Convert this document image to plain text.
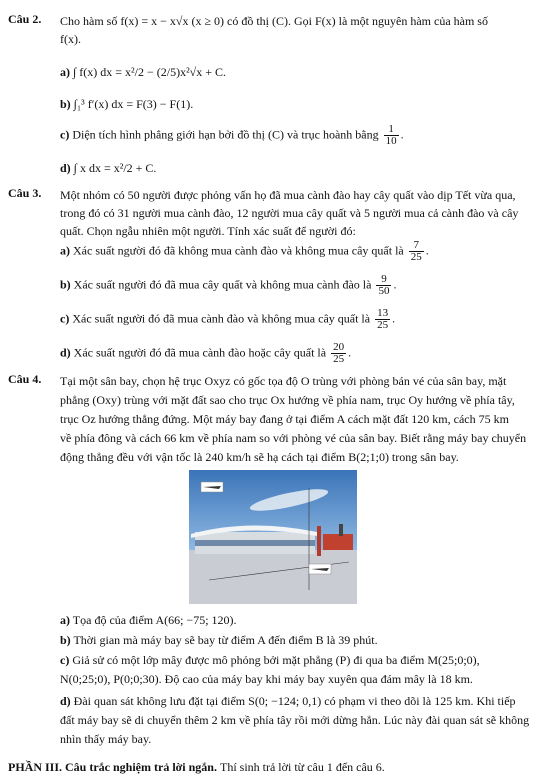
Câu 2. Cho hàm số f(x) = x − x√x (x ≥ 0) có đồ thị (C). Gọi F(x) là một nguyên hàm của hàm số
f(x).
a) ∫ f(x) dx = x²/2 − (2/5)x²√x + C.
b) ∫₁³ f′(x) dx = F(3) − F(1).
c) Diện tích hình phẳng giới hạn bởi đồ thị (C) và trục hoành bằng $\frac{1}{10}$ .
d) ∫ x dx = x²/2 + C.
Câu 3. Một nhóm có 50 người được phỏng vấn họ đã mua cành đào hay cây quất vào dịp Tết vừa qua,
trong đó có 31 người mua cành đào, 12 người mua cây quất và 5 người mua cả cành đào và cây
quất. Chọn ngẫu nhiên một người. Tính xác suất để người đó:
a) Xác suất người đó đã không mua cành đào và không mua cây quất là $\frac{7}{25}$ .
b) Xác suất người đó đã mua cây quất và không mua cành đào là $\frac{9}{50}$ .
c) Xác suất người đó đã mua cành đào và không mua cây quất là $\frac{13}{25}$ .
d) Xác suất người đó đã mua cành đào hoặc cây quất là $\frac{20}{25}$ .
Câu 4. Tại một sân bay, chọn hệ trục Oxyz có gốc tọa độ O trùng với phòng bán vé của sân bay, mặt
phẳng (Oxy) trùng với mặt đất sao cho trục Ox hướng về phía nam, trục Oy hướng về phía tây,
trục Oz hướng thẳng đứng. Một máy bay đang ở tại điểm A cách mặt đất 120 km, cách 75 km
về phía đông và cách 66 km về phía nam so với phòng vé của sân bay. Biết rằng máy bay chuyển
động thẳng đều với vận tốc là 240 km/h sẽ hạ cách tại điểm B(2;1;0) trong sân bay.
a) Tọa độ của điểm A(66; −75; 120).
b) Thời gian mà máy bay sẽ bay từ điểm A đến điểm B là 39 phút.
c) Giả sử có một lớp mây được mô phỏng bởi mặt phẳng (P) đi qua ba điểm M(25;0;0),
N(0;25;0), P(0;0;30). Độ cao của máy bay khi máy bay xuyên qua đám mây là 18 km.
d) Đài quan sát không lưu đặt tại điểm S(0; −124; 0,1) có phạm vi theo dõi là 125 km. Khi tiếp
đất máy bay sẽ di chuyển thêm 2 km về phía tây rồi mới dừng hẳn. Lúc này đài quan sát sẽ không
nhìn thấy máy bay.
PHẦN III. Câu trắc nghiệm trả lời ngắn. Thí sinh trả lời từ câu 1 đến câu 6.
